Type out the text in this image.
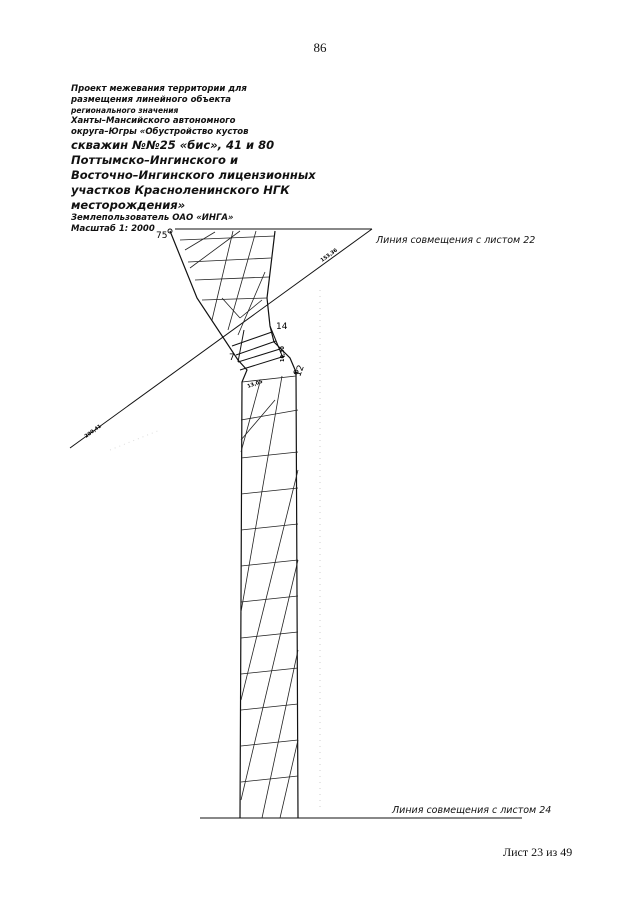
86
Проект межевания территории для
размещения линейного объекта
регионального значения
Ханты–Мансийского автономного
округа–Югры «Обустройство кустов
скважин №№25 «бис», 41 и 80
Поттымско–Ингинского и
Восточно–Ингинского лицензионных
участков Красноленинского НГК
месторождения»
Землепользователь ОАО «ИНГА»
Масштаб 1: 2000
75
12
7
14
10,30
13,05
200,41
153,36
Линия совмещения с листом 22
Линия совмещения с листом 24
Лист 23 из 49
